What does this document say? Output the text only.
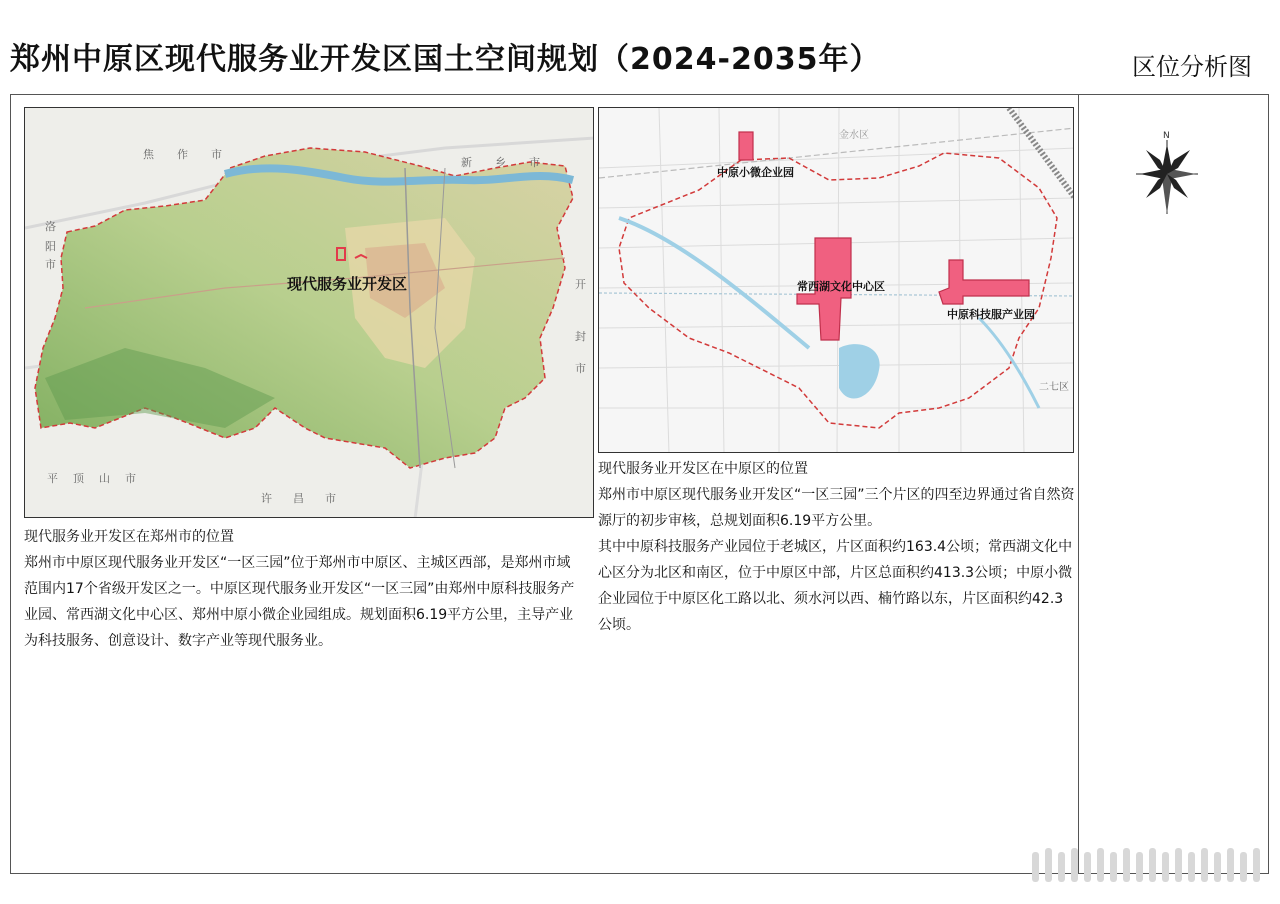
郑州中原区现代服务业开发区国土空间规划（2024-2035年）	区位分析图
焦 作 市
新 乡 市
洛
开
封
市
平 顶 山 市
许 昌 市
阳
市
现代服务业开发区

现代服务业开发区在郑州市的位置

郑州市中原区现代服务业开发区“一区三园”位于郑州市中原区、主城区西部，是郑州市域范围内17个省级开发区之一。中原区现代服务业开发区“一区三园”由郑州中原科技服务产业园、常西湖文化中心区、郑州中原小微企业园组成。规划面积6.19平方公里，主导产业为科技服务、创意设计、数字产业等现代服务业。

中原小微企业园
常西湖文化中心区
中原科技服产业园
二七区
金水区

现代服务业开发区在中原区的位置

郑州市中原区现代服务业开发区“一区三园”三个片区的四至边界通过省自然资源厅的初步审核，总规划面积6.19平方公里。

其中中原科技服务产业园位于老城区，片区面积约163.4公顷；常西湖文化中心区分为北区和南区，位于中原区中部，片区总面积约413.3公顷；中原小微企业园位于中原区化工路以北、须水河以西、楠竹路以东，片区面积约42.3公顷。

N
